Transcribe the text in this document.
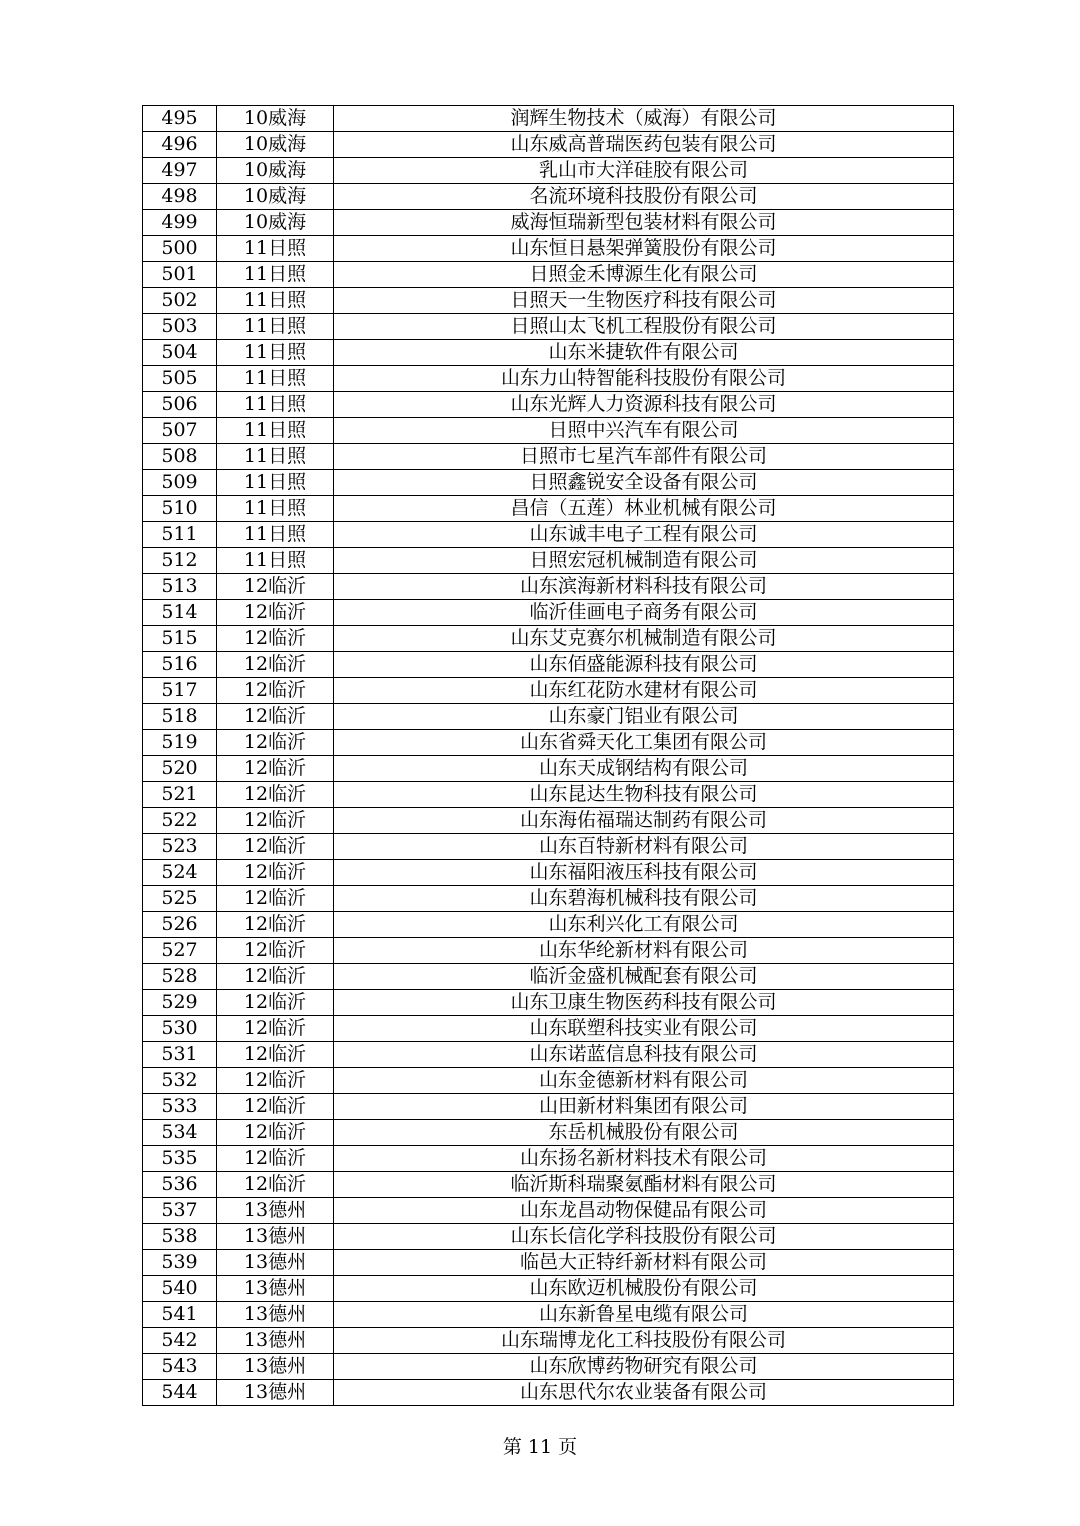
495	10威海	润辉生物技术（威海）有限公司
496	10威海	山东威高普瑞医药包装有限公司
497	10威海	乳山市大洋硅胶有限公司
498	10威海	名流环境科技股份有限公司
499	10威海	威海恒瑞新型包装材料有限公司
500	11日照	山东恒日悬架弹簧股份有限公司
501	11日照	日照金禾博源生化有限公司
502	11日照	日照天一生物医疗科技有限公司
503	11日照	日照山太飞机工程股份有限公司
504	11日照	山东米捷软件有限公司
505	11日照	山东力山特智能科技股份有限公司
506	11日照	山东光辉人力资源科技有限公司
507	11日照	日照中兴汽车有限公司
508	11日照	日照市七星汽车部件有限公司
509	11日照	日照鑫锐安全设备有限公司
510	11日照	昌信（五莲）林业机械有限公司
511	11日照	山东诚丰电子工程有限公司
512	11日照	日照宏冠机械制造有限公司
513	12临沂	山东滨海新材料科技有限公司
514	12临沂	临沂佳画电子商务有限公司
515	12临沂	山东艾克赛尔机械制造有限公司
516	12临沂	山东佰盛能源科技有限公司
517	12临沂	山东红花防水建材有限公司
518	12临沂	山东豪门铝业有限公司
519	12临沂	山东省舜天化工集团有限公司
520	12临沂	山东天成钢结构有限公司
521	12临沂	山东昆达生物科技有限公司
522	12临沂	山东海佑福瑞达制药有限公司
523	12临沂	山东百特新材料有限公司
524	12临沂	山东福阳液压科技有限公司
525	12临沂	山东碧海机械科技有限公司
526	12临沂	山东利兴化工有限公司
527	12临沂	山东华纶新材料有限公司
528	12临沂	临沂金盛机械配套有限公司
529	12临沂	山东卫康生物医药科技有限公司
530	12临沂	山东联塑科技实业有限公司
531	12临沂	山东诺蓝信息科技有限公司
532	12临沂	山东金德新材料有限公司
533	12临沂	山田新材料集团有限公司
534	12临沂	东岳机械股份有限公司
535	12临沂	山东扬名新材料技术有限公司
536	12临沂	临沂斯科瑞聚氨酯材料有限公司
537	13德州	山东龙昌动物保健品有限公司
538	13德州	山东长信化学科技股份有限公司
539	13德州	临邑大正特纤新材料有限公司
540	13德州	山东欧迈机械股份有限公司
541	13德州	山东新鲁星电缆有限公司
542	13德州	山东瑞博龙化工科技股份有限公司
543	13德州	山东欣博药物研究有限公司
544	13德州	山东思代尔农业装备有限公司
第 11 页
